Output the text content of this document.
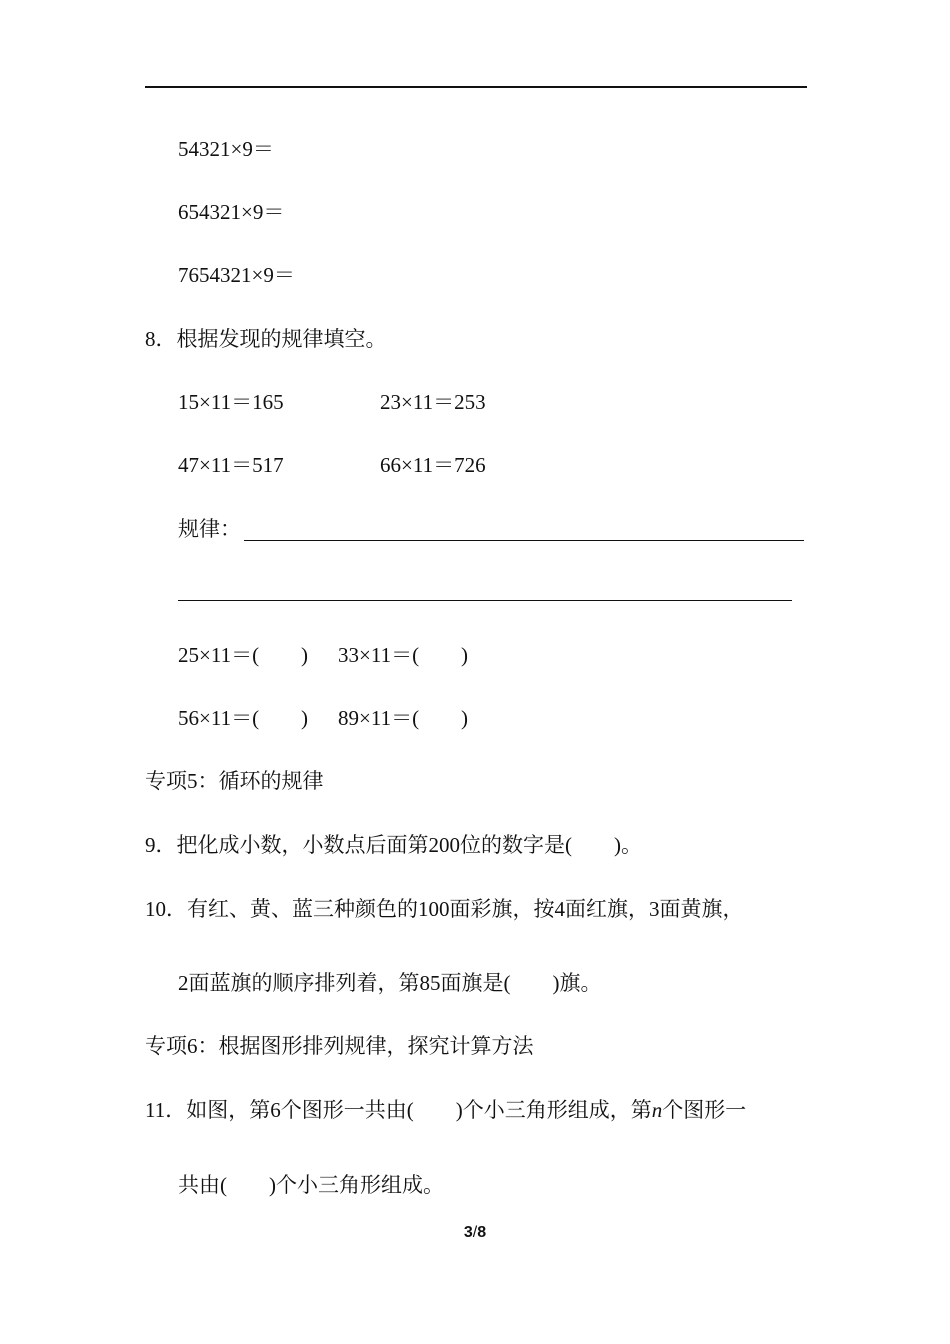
54321×9＝
654321×9＝
7654321×9＝
8．根据发现的规律填空。
15×11＝165	23×11＝253
47×11＝517	66×11＝726
规律：
25×11＝(　　) 33×11＝(　　)
56×11＝(　　) 89×11＝(　　)
专项5：循环的规律
9．把化成小数，小数点后面第200位的数字是(　　)。
10．有红、黄、蓝三种颜色的100面彩旗，按4面红旗，3面黄旗，
2面蓝旗的顺序排列着，第85面旗是(　　)旗。
专项6：根据图形排列规律，探究计算方法
11．如图，第6个图形一共由(　　)个小三角形组成，第n个图形一
共由(　　)个小三角形组成。
3/8
